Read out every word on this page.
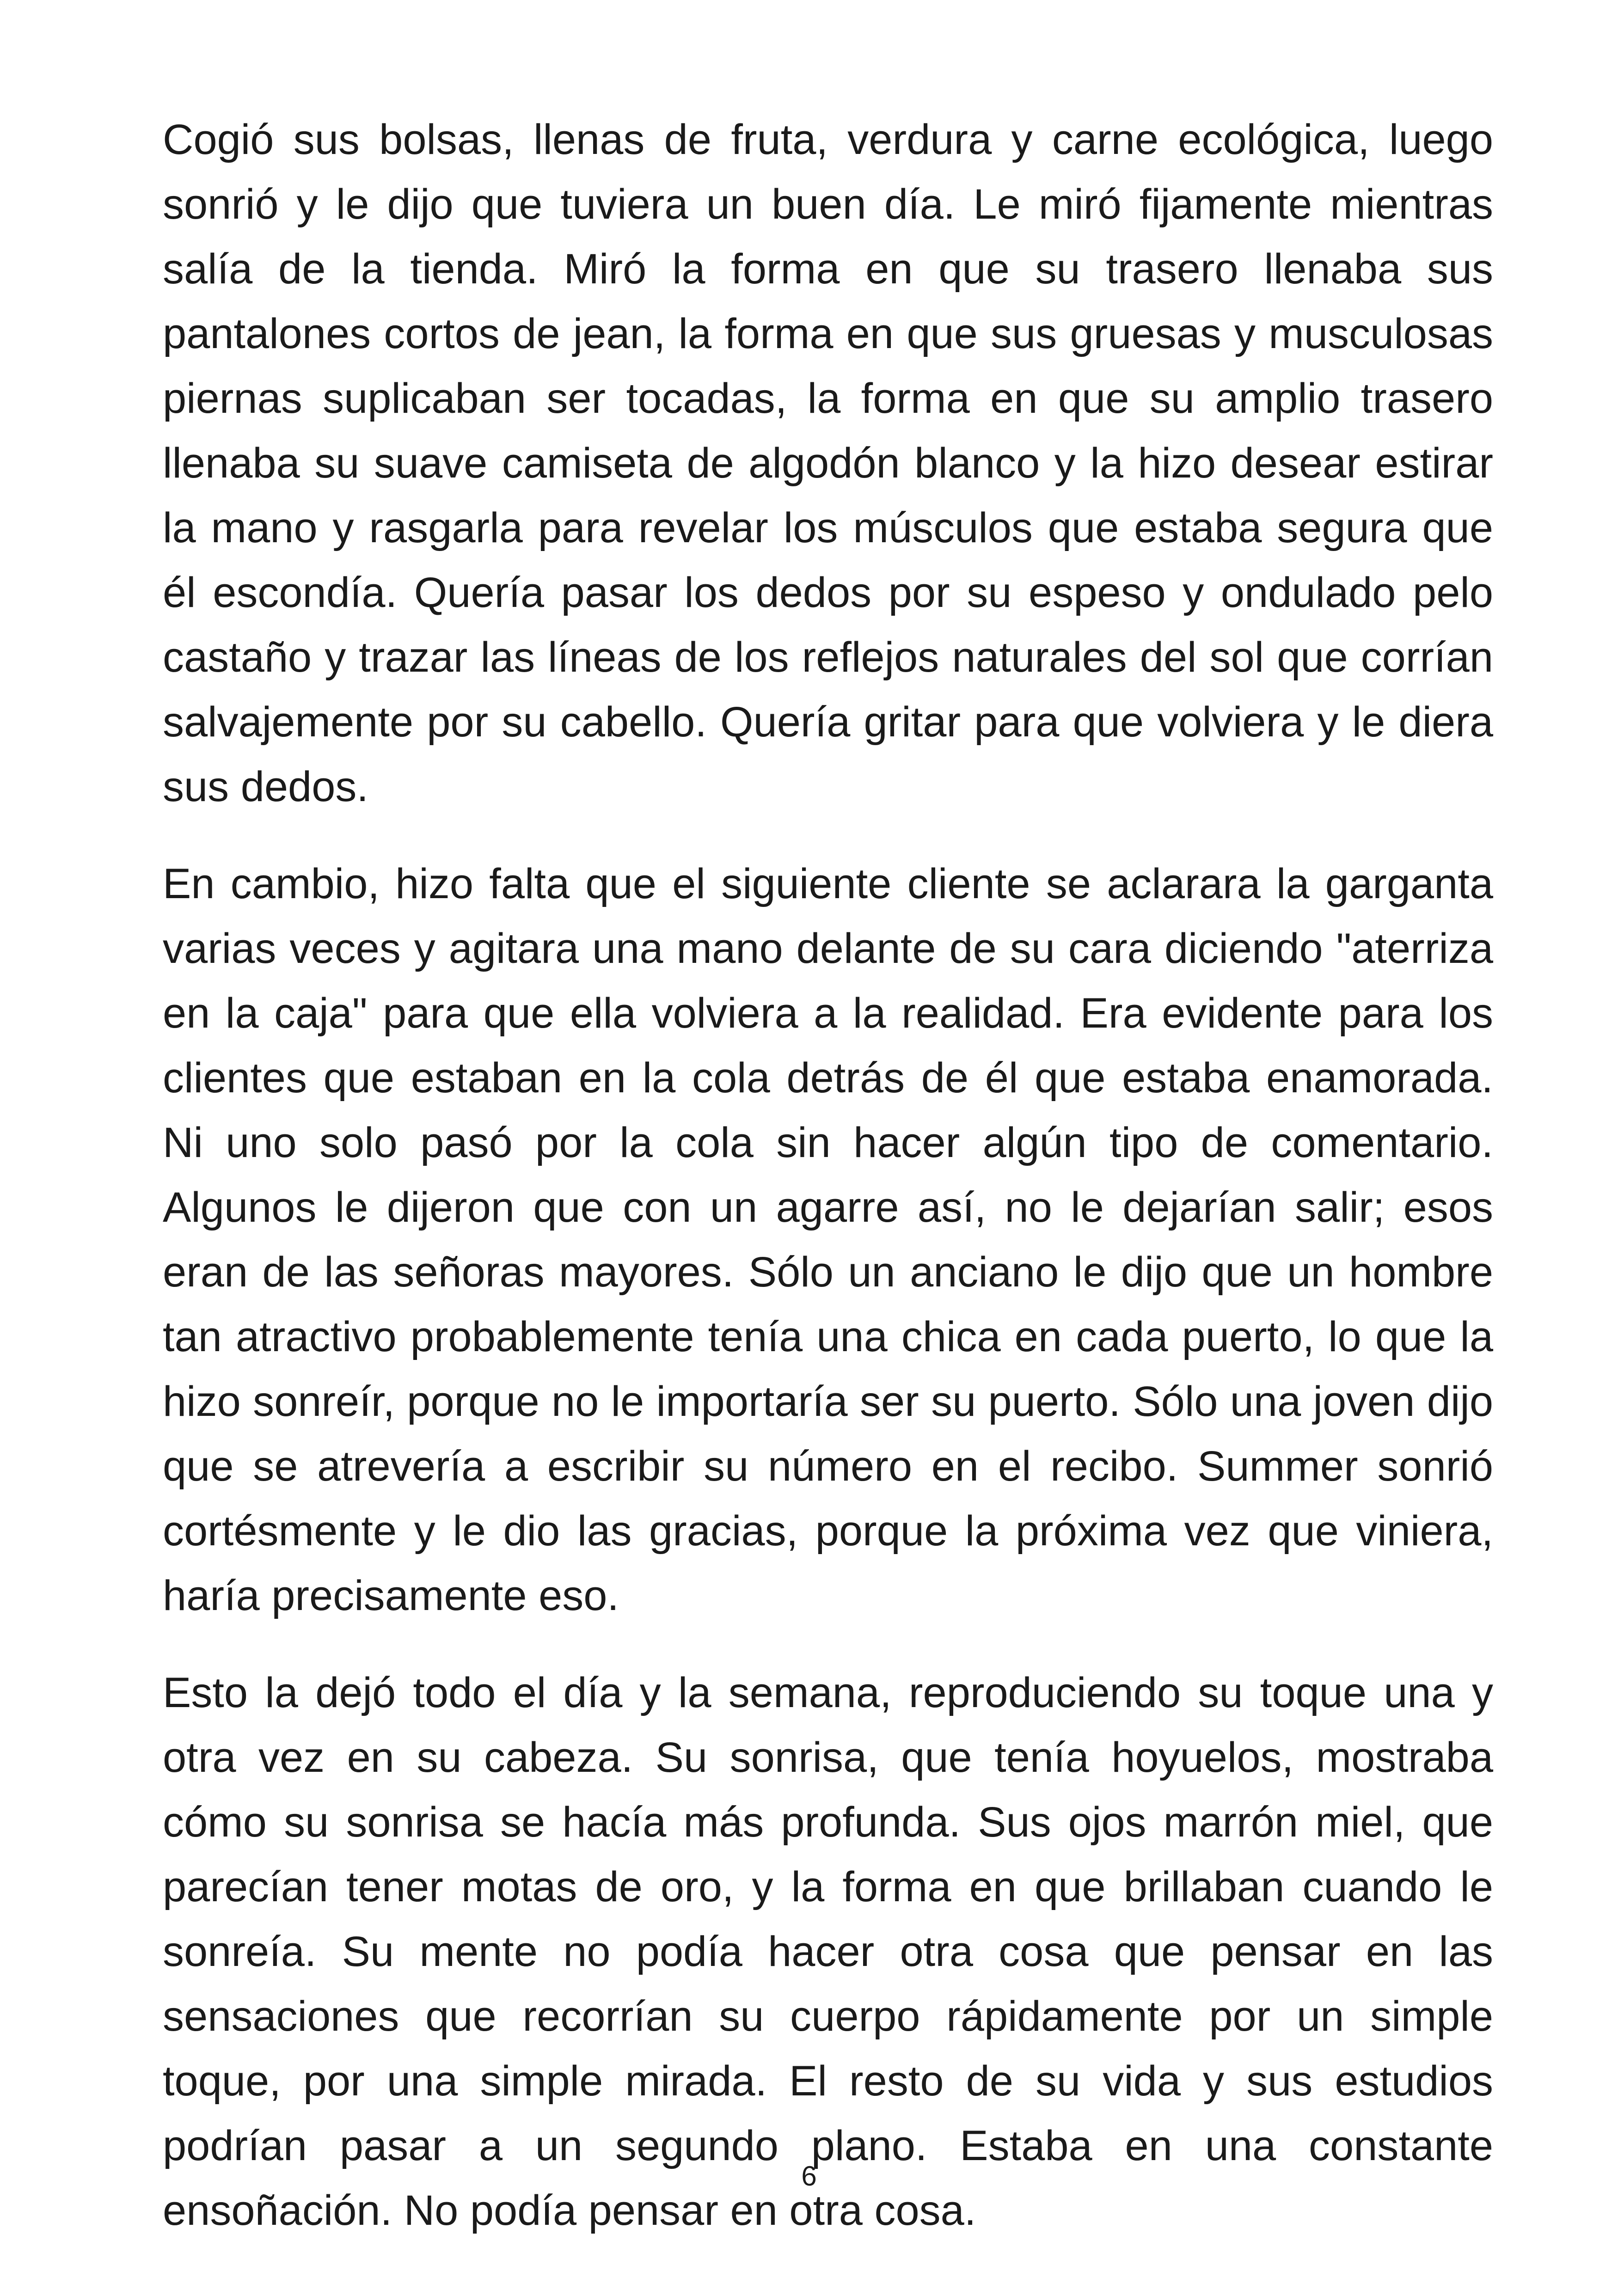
Cogió sus bolsas, llenas de fruta, verdura y carne ecológica, luego sonrió y le dijo que tuviera un buen día. Le miró fijamente mientras salía de la tienda. Miró la forma en que su trasero llenaba sus pantalones cortos de jean, la forma en que sus gruesas y musculosas piernas suplicaban ser tocadas, la forma en que su amplio trasero llenaba su suave camiseta de algodón blanco y la hizo desear estirar la mano y rasgarla para revelar los músculos que estaba segura que él escondía. Quería pasar los dedos por su espeso y ondulado pelo castaño y trazar las líneas de los reflejos naturales del sol que corrían salvajemente por su cabello. Quería gritar para que volviera y le diera sus dedos.

En cambio, hizo falta que el siguiente cliente se aclarara la garganta varias veces y agitara una mano delante de su cara diciendo "aterriza en la caja" para que ella volviera a la realidad. Era evidente para los clientes que estaban en la cola detrás de él que estaba enamorada. Ni uno solo pasó por la cola sin hacer algún tipo de comentario. Algunos le dijeron que con un agarre así, no le dejarían salir; esos eran de las señoras mayores. Sólo un anciano le dijo que un hombre tan atractivo probablemente tenía una chica en cada puerto, lo que la hizo sonreír, porque no le importaría ser su puerto. Sólo una joven dijo que se atrevería a escribir su número en el recibo. Summer sonrió cortésmente y le dio las gracias, porque la próxima vez que viniera, haría precisamente eso.

Esto la dejó todo el día y la semana, reproduciendo su toque una y otra vez en su cabeza. Su sonrisa, que tenía hoyuelos, mostraba cómo su sonrisa se hacía más profunda. Sus ojos marrón miel, que parecían tener motas de oro, y la forma en que brillaban cuando le sonreía. Su mente no podía hacer otra cosa que pensar en las sensaciones que recorrían su cuerpo rápidamente por un simple toque, por una simple mirada. El resto de su vida y sus estudios podrían pasar a un segundo plano. Estaba en una constante ensoñación. No podía pensar en otra cosa.

6
